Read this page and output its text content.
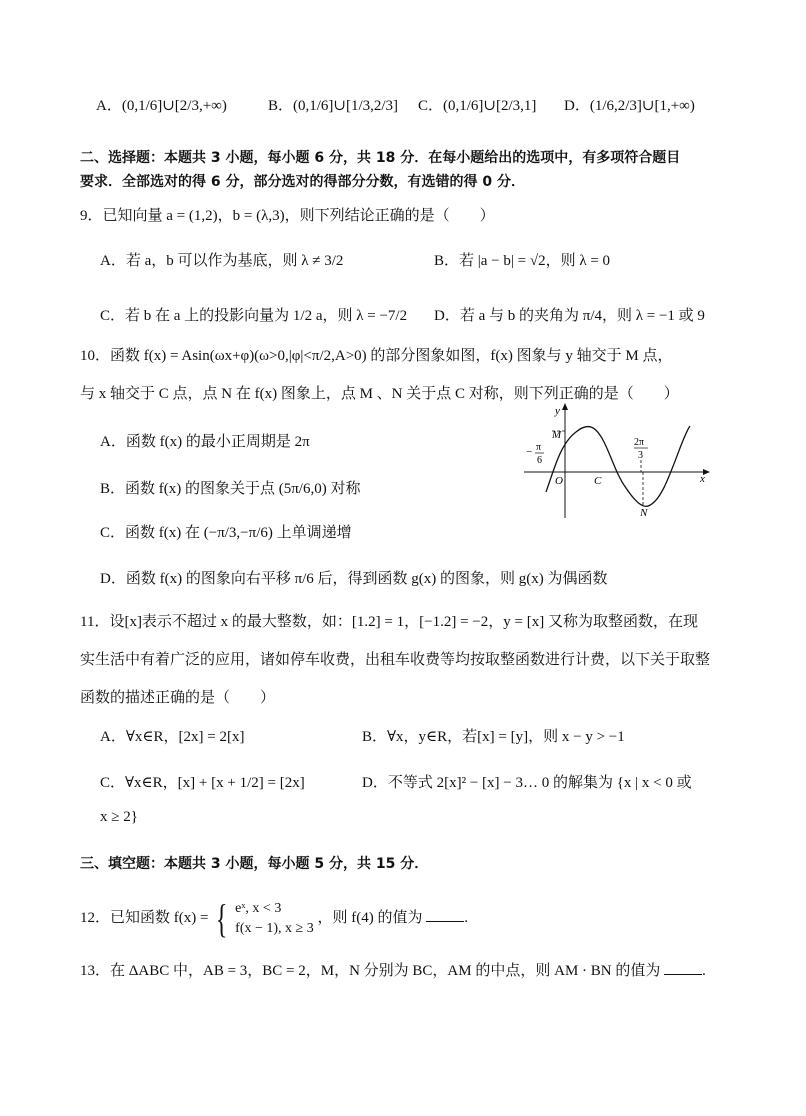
A．(0,1/6]∪[2/3,+∞)	B．(0,1/6]∪[1/3,2/3] C．(0,1/6]∪[2/3,1] D．(1/6,2/3]∪[1,+∞)
二、选择题：本题共 3 小题，每小题 6 分，共 18 分．在每小题给出的选项中，有多项符合题目
要求．全部选对的得 6 分，部分选对的得部分分数，有选错的得 0 分．
9．已知向量 a = (1,2)，b = (λ,3)，则下列结论正确的是（　　）
A．若 a，b 可以作为基底，则 λ ≠ 3/2	B．若 |a − b| = √2，则 λ = 0
C．若 b 在 a 上的投影向量为 1/2 a，则 λ = −7/2 D．若 a 与 b 的夹角为 π/4，则 λ = −1 或 9
10．函数 f(x) = Asin(ωx+φ)(ω>0,|φ|<π/2,A>0) 的部分图象如图，f(x) 图象与 y 轴交于 M 点，
与 x 轴交于 C 点，点 N 在 f(x) 图象上，点 M 、N 关于点 C 对称，则下列正确的是（　　）
A．函数 f(x) 的最小正周期是 2π
B．函数 f(x) 的图象关于点 (5π/6,0) 对称
C．函数 f(x) 在 (−π/3,−π/6) 上单调递增
D．函数 f(x) 的图象向右平移 π/6 后，得到函数 g(x) 的图象，则 g(x) 为偶函数
y
x
M
O	C
N
− π
6
2π
3
11．设[x]表示不超过 x 的最大整数，如：[1.2] = 1，[−1.2] = −2，y = [x] 又称为取整函数，在现
实生活中有着广泛的应用，诸如停车收费，出租车收费等均按取整函数进行计费，以下关于取整
函数的描述正确的是（　　）
A．∀x∈R，[2x] = 2[x]	B．∀x，y∈R，若[x] = [y]，则 x − y > −1
C．∀x∈R，[x] + [x + 1/2] = [2x]	D．不等式 2[x]² − [x] − 3… 0 的解集为 {x | x < 0 或
x ≥ 2}
三、填空题：本题共 3 小题，每小题 5 分，共 15 分．
12．已知函数 f(x) = { eˣ, x < 3
f(x − 1), x ≥ 3
，则 f(4) 的值为	.
13．在 ΔABC 中，AB = 3，BC = 2，M，N 分别为 BC，AM 的中点，则 AM · BN 的值为	.
